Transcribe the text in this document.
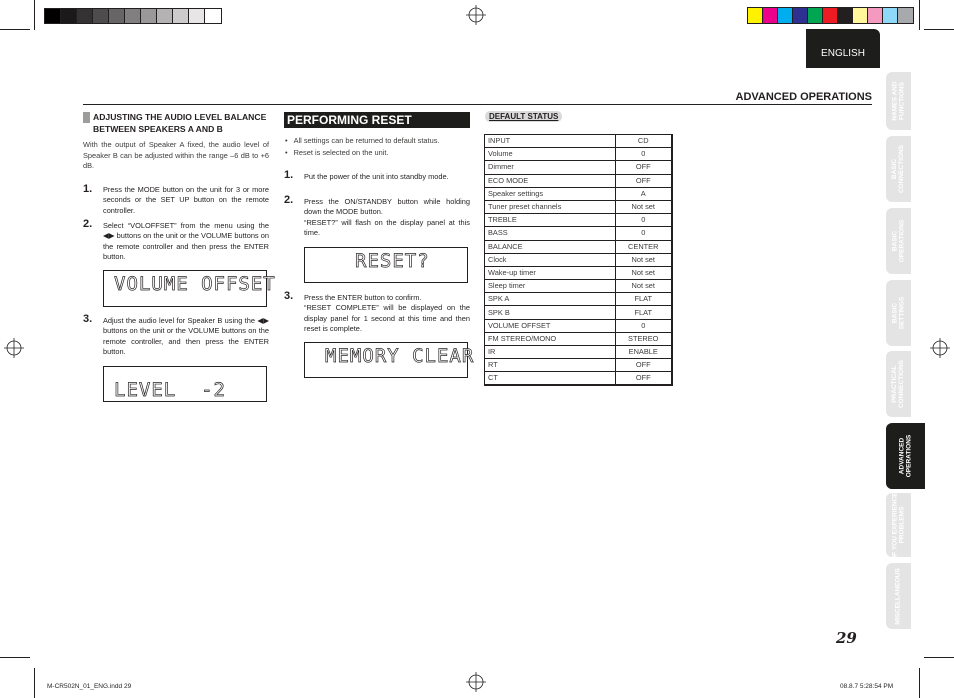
ENGLISH
ADVANCED OPERATIONS
NAMES AND
FUNCTIONS
BASIC
CONNECTIONS
BASIC
OPERATIONS
BASIC
SETTINGS
PRACTICAL
CONNECTIONS
ADVANCED
OPERATIONS
IF YOU EXPERIENCE
PROBLEMS
MISCELLANEOUS
ADJUSTING THE AUDIO LEVEL BALANCE BETWEEN SPEAKERS A AND B
With the output of Speaker A fixed, the audio level of Speaker B can be adjusted within the range –6 dB to +6 dB.
1. Press the MODE button on the unit for 3 or more seconds or the SET UP button on the remote controller.
2. Select “VOLOFFSET” from the menu using the ◀▶ buttons on the unit or the VOLUME buttons on the remote controller and then press the ENTER button.
VOLUME OFFSET
3. Adjust the audio level for Speaker B using the ◀▶ buttons on the unit or the VOLUME buttons on the remote controller, and then press the ENTER button.
LEVEL  -2
PERFORMING RESET
• All settings can be returned to default status.
• Reset is selected on the unit.
1. Put the power of the unit into standby mode.
2. Press the ON/STANDBY button while holding down the MODE button.
“RESET?” will flash on the display panel at this time.
RESET?
3. Press the ENTER button to confirm.
“RESET COMPLETE” will be displayed on the display panel for 1 second at this time and then reset is complete.
MEMORY CLEAR
DEFAULT STATUS
INPUT	CD
Volume	0
Dimmer	OFF
ECO MODE	OFF
Speaker settings	A
Tuner preset channels	Not set
TREBLE	0
BASS	0
BALANCE	CENTER
Clock	Not set
Wake-up timer	Not set
Sleep timer	Not set
SPK A	FLAT
SPK B	FLAT
VOLUME OFFSET	0
FM STEREO/MONO	STEREO
IR	ENABLE
RT	OFF
CT	OFF
29
M-CR502N_01_ENG.indd 29	08.8.7 5:28:54 PM
